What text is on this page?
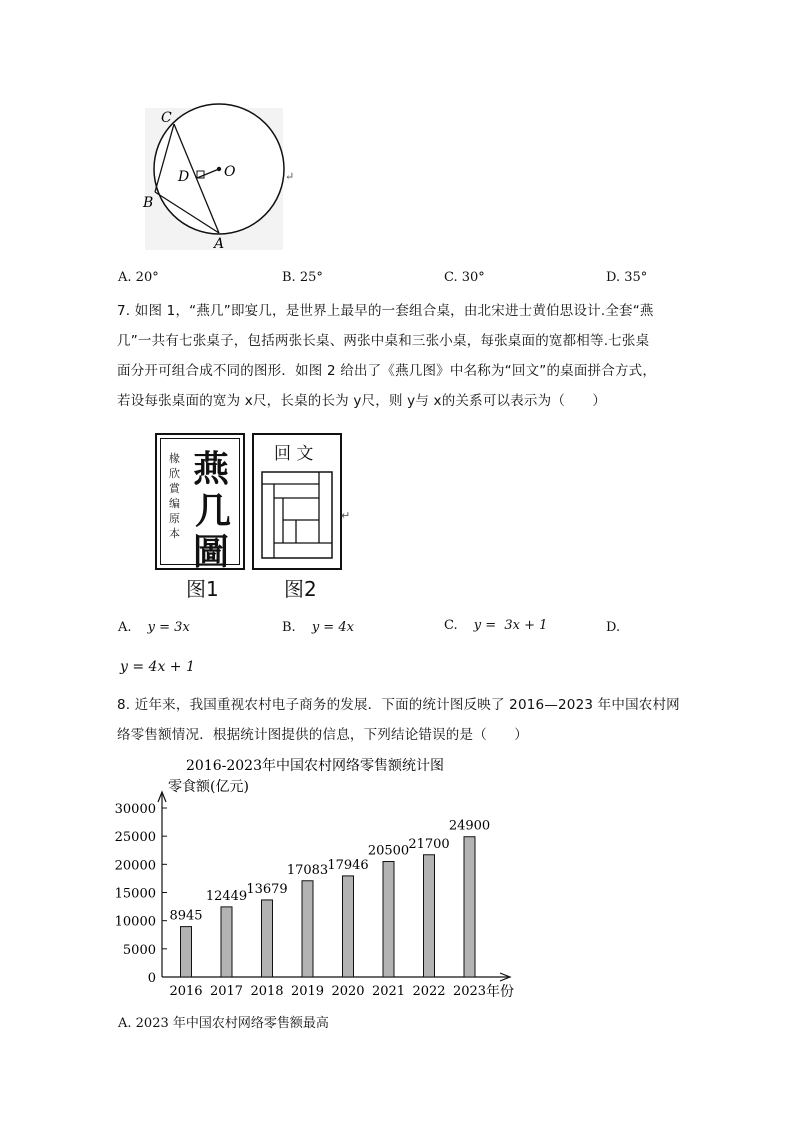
C
O
D
B
A
↵
A. 20°	B. 25°	C. 30°	D. 35°
7. 如图 1，“燕几”即宴几，是世界上最早的一套组合桌，由北宋进士黄伯思设计.全套“燕
几”一共有七张桌子，包括两张长桌、两张中桌和三张小桌，每张桌面的宽都相等.七张桌
面分开可组合成不同的图形．如图 2 给出了《燕几图》中名称为“回文”的桌面拼合方式，
若设每张桌面的宽为 x尺，长桌的长为 y尺，则 y与 x的关系可以表示为（　　）
椽欣賞编原本
燕
几
圖
图1
回 文
↵
图2
A. y = 3x	B. y = 4x	C. y =  3x + 1	D.
y = 4x + 1
8. 近年来，我国重视农村电子商务的发展．下面的统计图反映了 2016—2023 年中国农村网
络零售额情况．根据统计图提供的信息，下列结论错误的是（　　）
2016-2023年中国农村网络零售额统计图
零食额(亿元)
年份
0
5000
10000
15000
20000
25000
30000
2016 2017 2018 2019 2020 2021 2022 2023
8945
12449 13679
17083 17946
20500 21700
24900
A. 2023 年中国农村网络零售额最高
